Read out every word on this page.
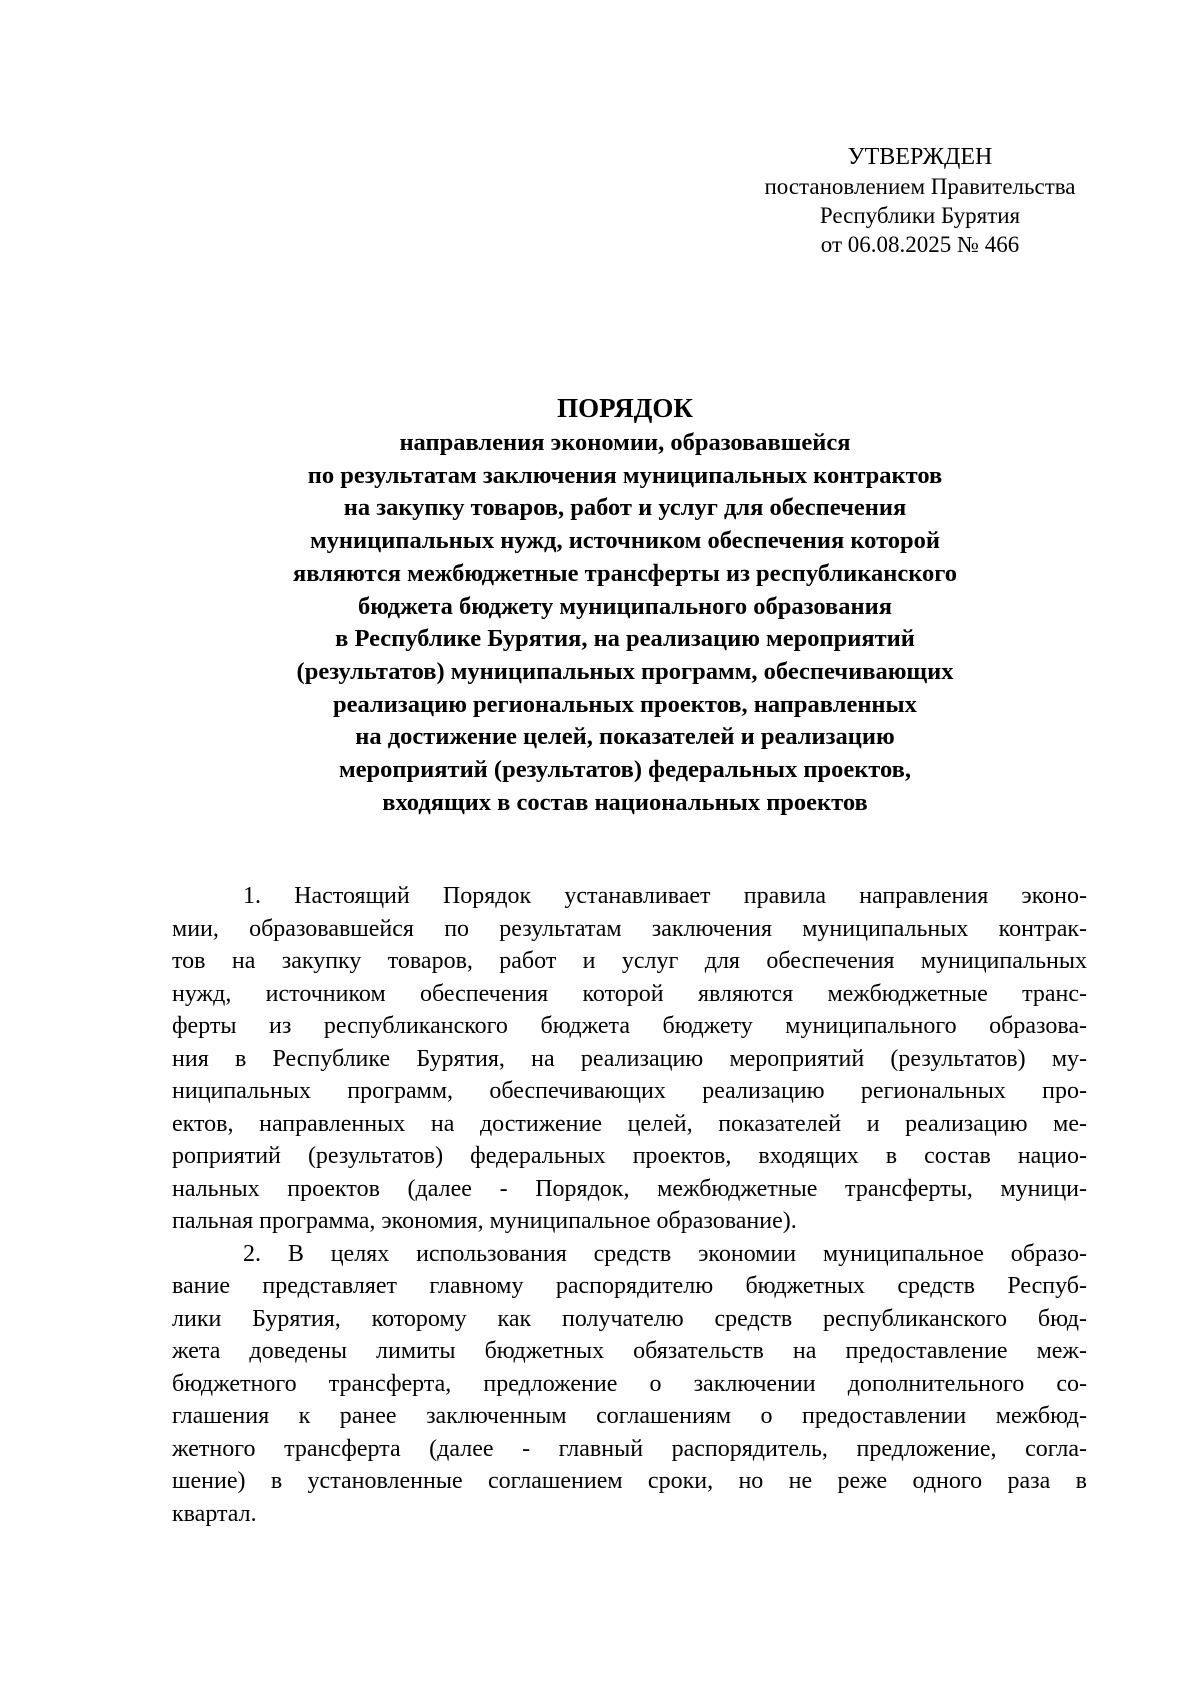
УТВЕРЖДЕН
постановлением Правительства
Республики Бурятия
от 06.08.2025 № 466
ПОРЯДОК
направления экономии, образовавшейся
по результатам заключения муниципальных контрактов
на закупку товаров, работ и услуг для обеспечения
муниципальных нужд, источником обеспечения которой
являются межбюджетные трансферты из республиканского
бюджета бюджету муниципального образования
в Республике Бурятия, на реализацию мероприятий
(результатов) муниципальных программ, обеспечивающих
реализацию региональных проектов, направленных
на достижение целей, показателей и реализацию
мероприятий (результатов) федеральных проектов,
входящих в состав национальных проектов

1. Настоящий Порядок устанавливает правила направления эконо-
мии, образовавшейся по результатам заключения муниципальных контрак-
тов на закупку товаров, работ и услуг для обеспечения муниципальных
нужд, источником обеспечения которой являются межбюджетные транс-
ферты из республиканского бюджета бюджету муниципального образова-
ния в Республике Бурятия, на реализацию мероприятий (результатов) му-
ниципальных программ, обеспечивающих реализацию региональных про-
ектов, направленных на достижение целей, показателей и реализацию ме-
роприятий (результатов) федеральных проектов, входящих в состав нацио-
нальных проектов (далее - Порядок, межбюджетные трансферты, муници-
пальная программа, экономия, муниципальное образование).

2. В целях использования средств экономии муниципальное образо-
вание представляет главному распорядителю бюджетных средств Респуб-
лики Бурятия, которому как получателю средств республиканского бюд-
жета доведены лимиты бюджетных обязательств на предоставление меж-
бюджетного трансферта, предложение о заключении дополнительного со-
глашения к ранее заключенным соглашениям о предоставлении межбюд-
жетного трансферта (далее - главный распорядитель, предложение, согла-
шение) в установленные соглашением сроки, но не реже одного раза в
квартал.
